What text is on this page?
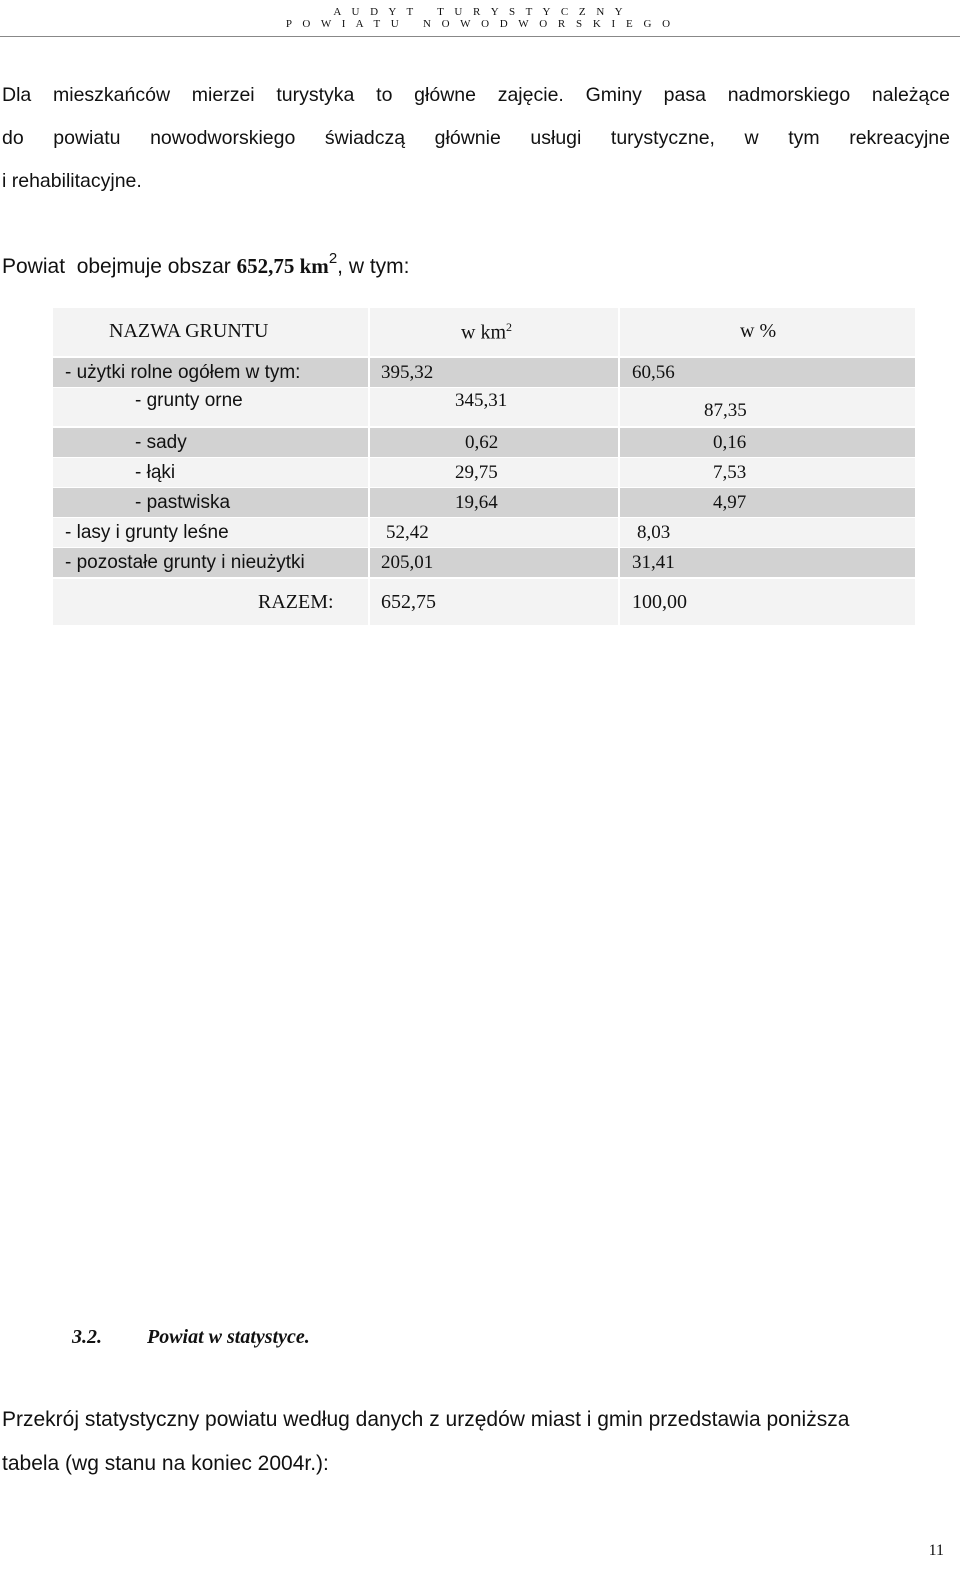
A U D Y T   T U R Y S T Y C Z N Y
P O W I A T U   N O W O D W O R S K I E G O
Dla mieszkańców mierzei turystyka to główne zajęcie. Gminy pasa nadmorskiego należące
do powiatu nowodworskiego świadczą głównie usługi turystyczne, w tym rekreacyjne
i rehabilitacyjne.
Powiat  obejmuje obszar 652,75 $km^2$, w tym:
NAZWA GRUNTU	w $km^2$	w %
- użytki rolne ogółem w tym:	395,32	60,56
- grunty orne	345,31	87,35
- sady	0,62	0,16
- łąki	29,75	7,53
- pastwiska	19,64	4,97
- lasy i grunty leśne	52,42	8,03
- pozostałe grunty i nieużytki	205,01	31,41
RAZEM: 652,75	100,00
3.2. Powiat w statystyce.
Przekrój statystyczny powiatu według danych z urzędów miast i gmin przedstawia poniższa
tabela (wg stanu na koniec 2004r.):
11
